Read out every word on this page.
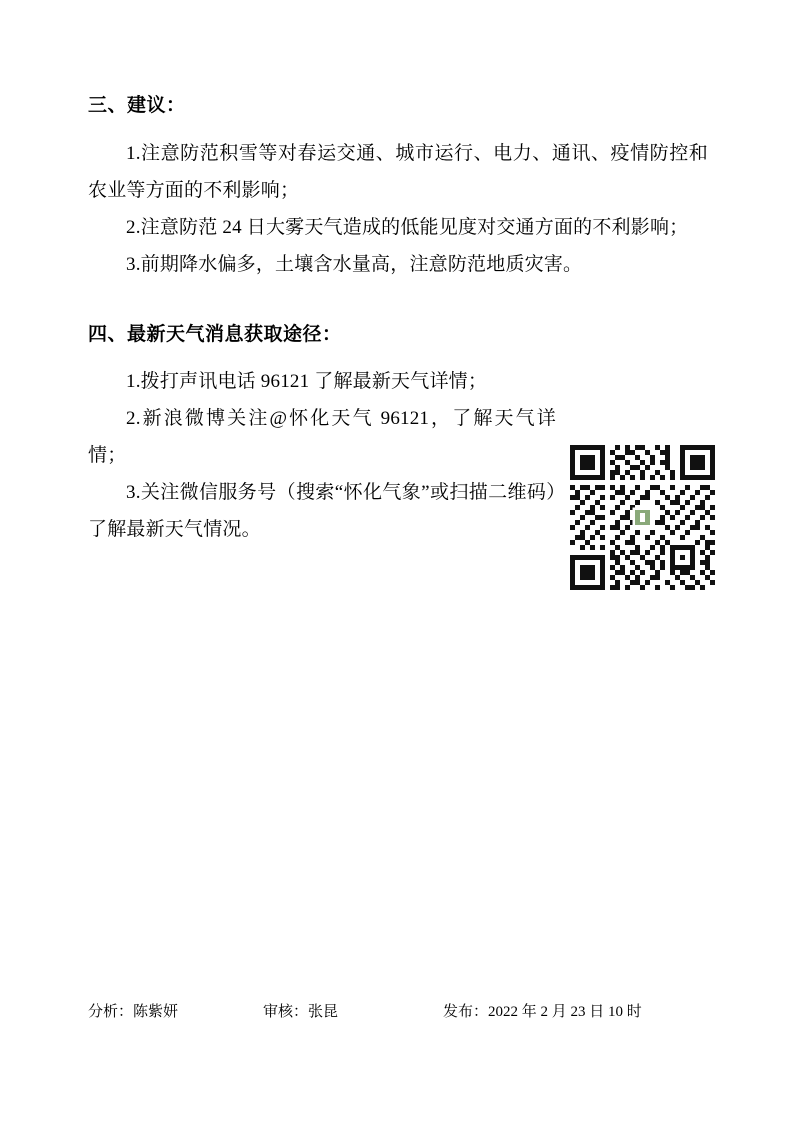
三、建议：

1.注意防范积雪等对春运交通、城市运行、电力、通讯、疫情防控和农业等方面的不利影响；

2.注意防范 24 日大雾天气造成的低能见度对交通方面的不利影响；

3.前期降水偏多，土壤含水量高，注意防范地质灾害。

四、最新天气消息获取途径：

1.拨打声讯电话 96121 了解最新天气详情；

2.新浪微博关注@怀化天气 96121，了解天气详情；

3.关注微信服务号（搜索“怀化气象”或扫描二维码）了解最新天气情况。

分析：陈紫妍	审核：张昆	发布：2022 年 2 月 23 日 10 时
